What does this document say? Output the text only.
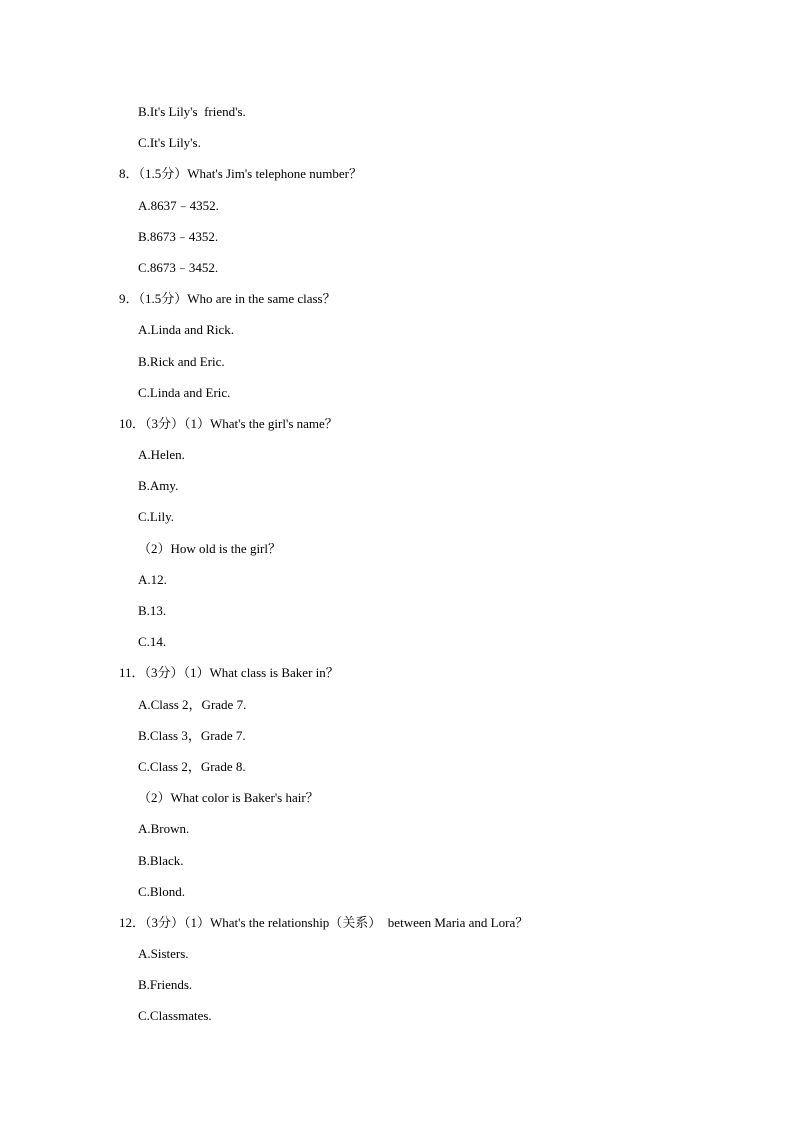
B.It's Lily's  friend's.
C.It's Lily's.
8．（1.5分）What's Jim's telephone number？
A.8637﹣4352.
B.8673﹣4352.
C.8673﹣3452.
9．（1.5分）Who are in the same class？
A.Linda and Rick.
B.Rick and Eric.
C.Linda and Eric.
10．（3分）（1）What's the girl's name？
A.Helen.
B.Amy.
C.Lily.
（2）How old is the girl？
A.12.
B.13.
C.14.
11．（3分）（1）What class is Baker in？
A.Class 2，Grade 7.
B.Class 3，Grade 7.
C.Class 2，Grade 8.
（2）What color is Baker's hair？
A.Brown.
B.Black.
C.Blond.
12．（3分）（1）What's the relationship（关系）  between Maria and Lora？
A.Sisters.
B.Friends.
C.Classmates.
